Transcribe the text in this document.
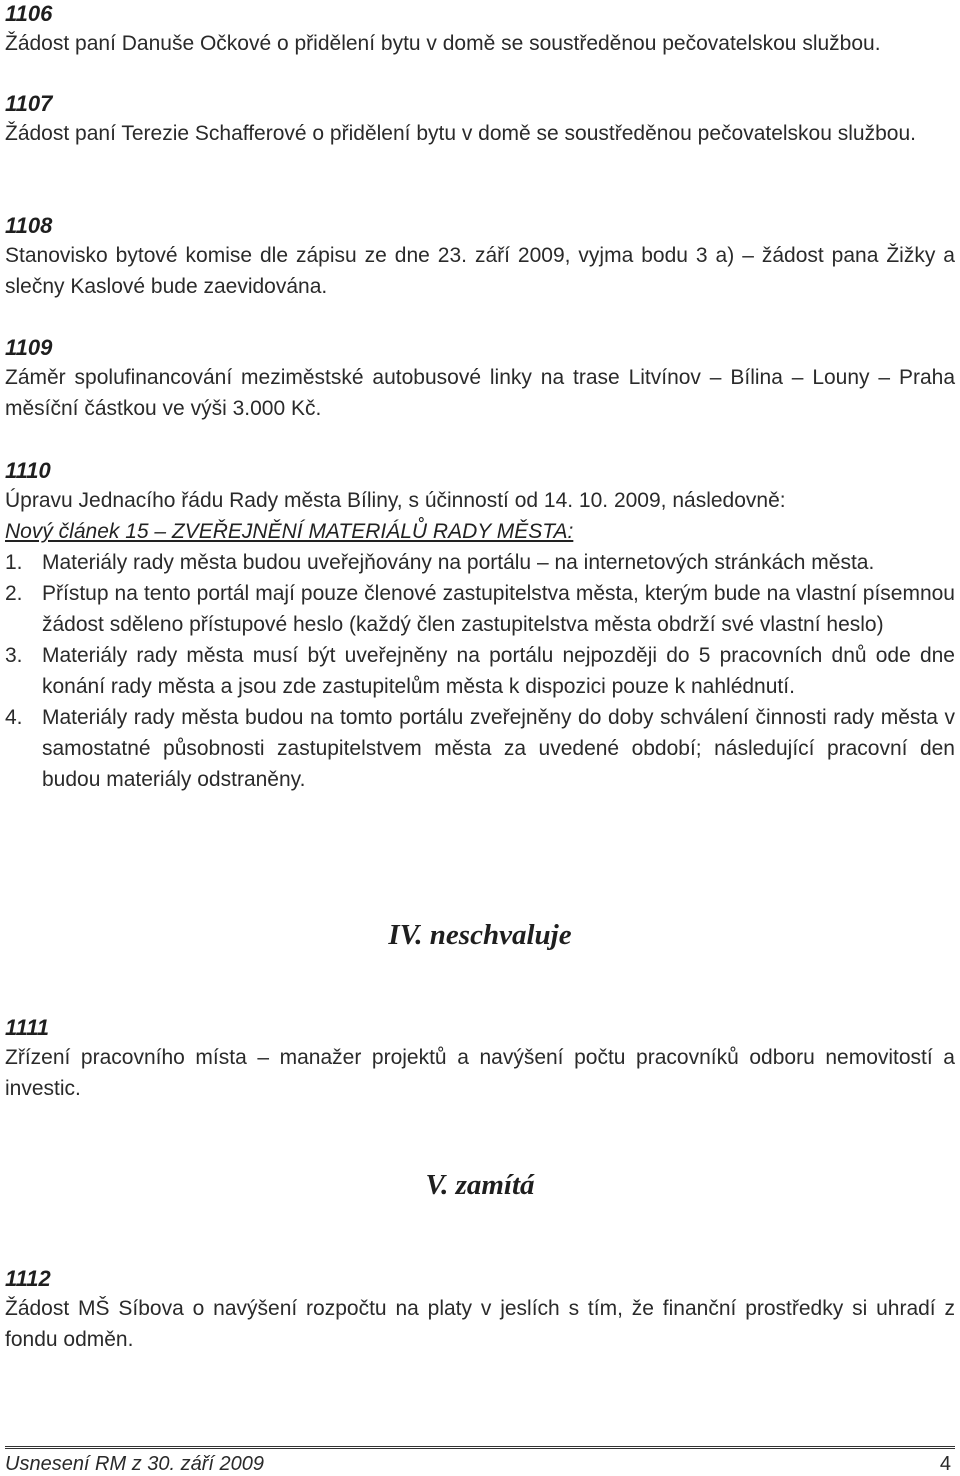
1106

Žádost paní Danuše Očkové o přidělení bytu v domě se soustředěnou pečovatelskou službou.

1107

Žádost paní Terezie Schafferové o přidělení bytu v domě se soustředěnou pečovatelskou službou.

1108

Stanovisko bytové komise dle zápisu ze dne 23. září 2009, vyjma bodu 3 a) – žádost pana Žižky a slečny Kaslové bude zaevidována.

1109

Záměr spolufinancování meziměstské autobusové linky na trase Litvínov – Bílina – Louny – Praha měsíční částkou ve výši 3.000 Kč.

1110

Úpravu Jednacího řádu Rady města Bíliny, s účinností od 14. 10. 2009, následovně:

Nový článek 15 – ZVEŘEJNĚNÍ MATERIÁLŮ RADY MĚSTA:

1. Materiály rady města budou uveřejňovány na portálu – na internetových stránkách města.
2. Přístup na tento portál mají pouze členové zastupitelstva města, kterým bude na vlastní písemnou žádost sděleno přístupové heslo (každý člen zastupitelstva města obdrží své vlastní heslo)
3. Materiály rady města musí být uveřejněny na portálu nejpozději do 5 pracovních dnů ode dne konání rady města a jsou zde zastupitelům města k dispozici pouze k nahlédnutí.
4. Materiály rady města budou na tomto portálu zveřejněny do doby schválení činnosti rady města v samostatné působnosti zastupitelstvem města za uvedené období; následující pracovní den budou materiály odstraněny.
IV. neschvaluje

1111

Zřízení pracovního místa – manažer projektů a navýšení počtu pracovníků odboru nemovitostí a investic.

V. zamítá

1112

Žádost MŠ Síbova o navýšení rozpočtu na platy v jeslích s tím, že finanční prostředky si uhradí z fondu odměn.

Usnesení RM z 30. září 2009	4
